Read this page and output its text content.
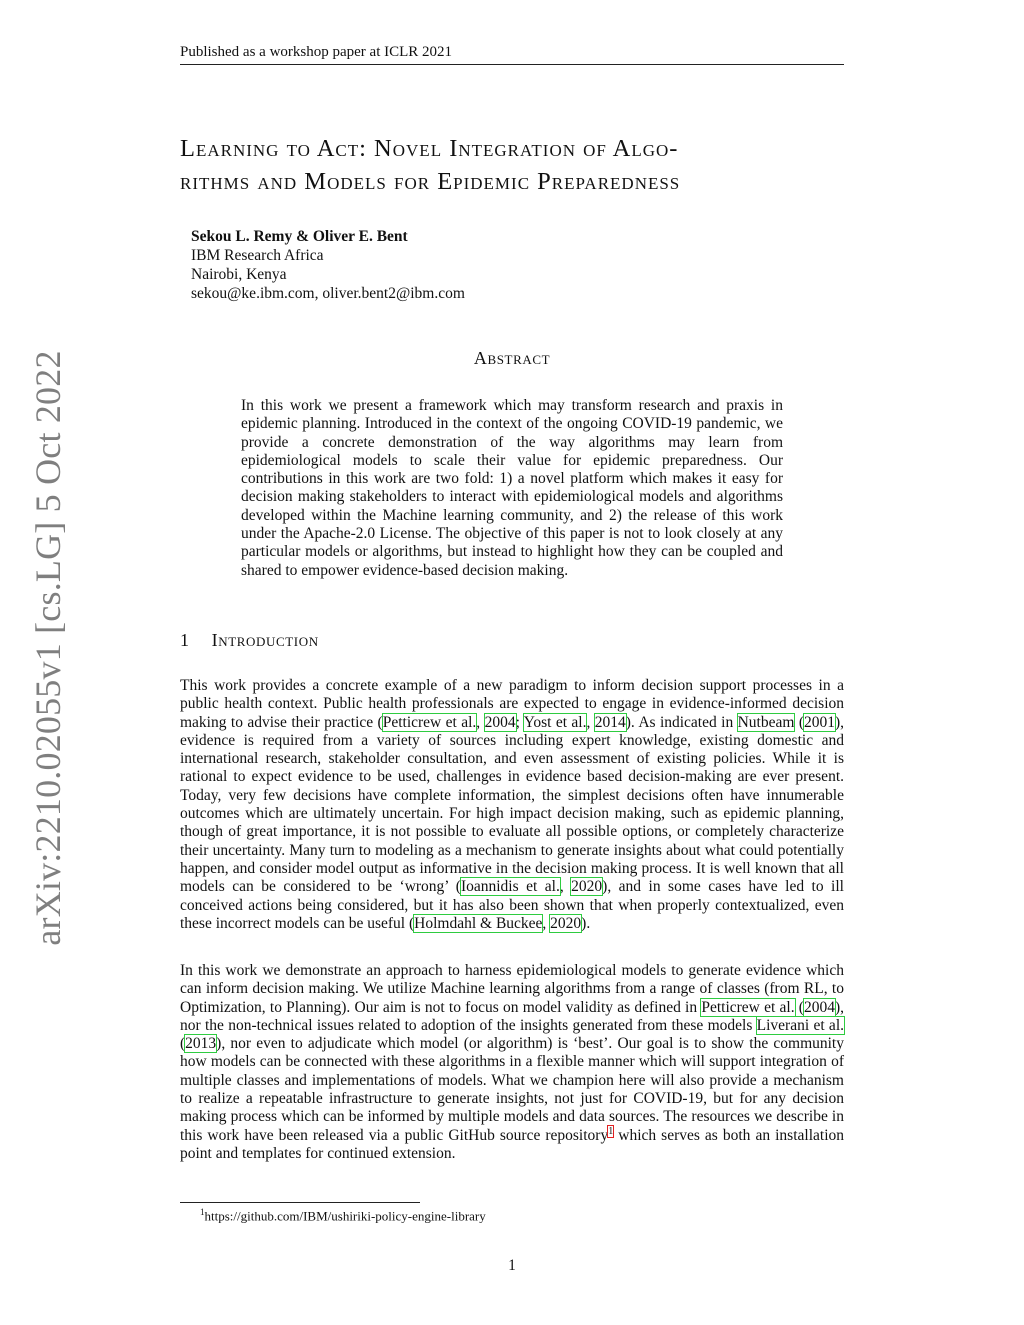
arXiv:2210.02055v1 [cs.LG] 5 Oct 2022
Published as a workshop paper at ICLR 2021
Learning to Act: Novel Integration of Algo-
rithms and Models for Epidemic Preparedness
Sekou L. Remy & Oliver E. Bent
IBM Research Africa
Nairobi, Kenya
sekou@ke.ibm.com, oliver.bent2@ibm.com
Abstract
In this work we present a framework which may transform research and praxis in epidemic planning. Introduced in the context of the ongoing COVID-19 pandemic, we provide a concrete demonstration of the way algorithms may learn from epidemiological models to scale their value for epidemic preparedness. Our contributions in this work are two fold: 1) a novel platform which makes it easy for decision making stakeholders to interact with epidemiological models and algorithms developed within the Machine learning community, and 2) the release of this work under the Apache-2.0 License. The objective of this paper is not to look closely at any particular models or algorithms, but instead to highlight how they can be coupled and shared to empower evidence-based decision making.
1 Introduction
This work provides a concrete example of a new paradigm to inform decision support processes in a public health context. Public health professionals are expected to engage in evidence-informed decision making to advise their practice (Petticrew et al., 2004; Yost et al., 2014). As indicated in Nutbeam (2001), evidence is required from a variety of sources including expert knowledge, existing domestic and international research, stakeholder consultation, and even assessment of existing policies. While it is rational to expect evidence to be used, challenges in evidence based decision-making are ever present. Today, very few decisions have complete information, the simplest decisions often have innumerable outcomes which are ultimately uncertain. For high impact decision making, such as epidemic planning, though of great importance, it is not possible to evaluate all possible options, or completely characterize their uncertainty. Many turn to modeling as a mechanism to generate insights about what could potentially happen, and consider model output as informative in the decision making process. It is well known that all models can be considered to be ‘wrong’ (Ioannidis et al., 2020), and in some cases have led to ill conceived actions being considered, but it has also been shown that when properly contextualized, even these incorrect models can be useful (Holmdahl & Buckee, 2020).
In this work we demonstrate an approach to harness epidemiological models to generate evidence which can inform decision making. We utilize Machine learning algorithms from a range of classes (from RL, to Optimization, to Planning). Our aim is not to focus on model validity as defined in Petticrew et al. (2004), nor the non-technical issues related to adoption of the insights generated from these models Liverani et al. (2013), nor even to adjudicate which model (or algorithm) is ‘best’. Our goal is to show the community how models can be connected with these algorithms in a flexible manner which will support integration of multiple classes and implementations of models. What we champion here will also provide a mechanism to realize a repeatable infrastructure to generate insights, not just for COVID-19, but for any decision making process which can be informed by multiple models and data sources. The resources we describe in this work have been released via a public GitHub source repository$^1$ which serves as both an installation point and templates for continued extension.
$^1$https://github.com/IBM/ushiriki-policy-engine-library
1
